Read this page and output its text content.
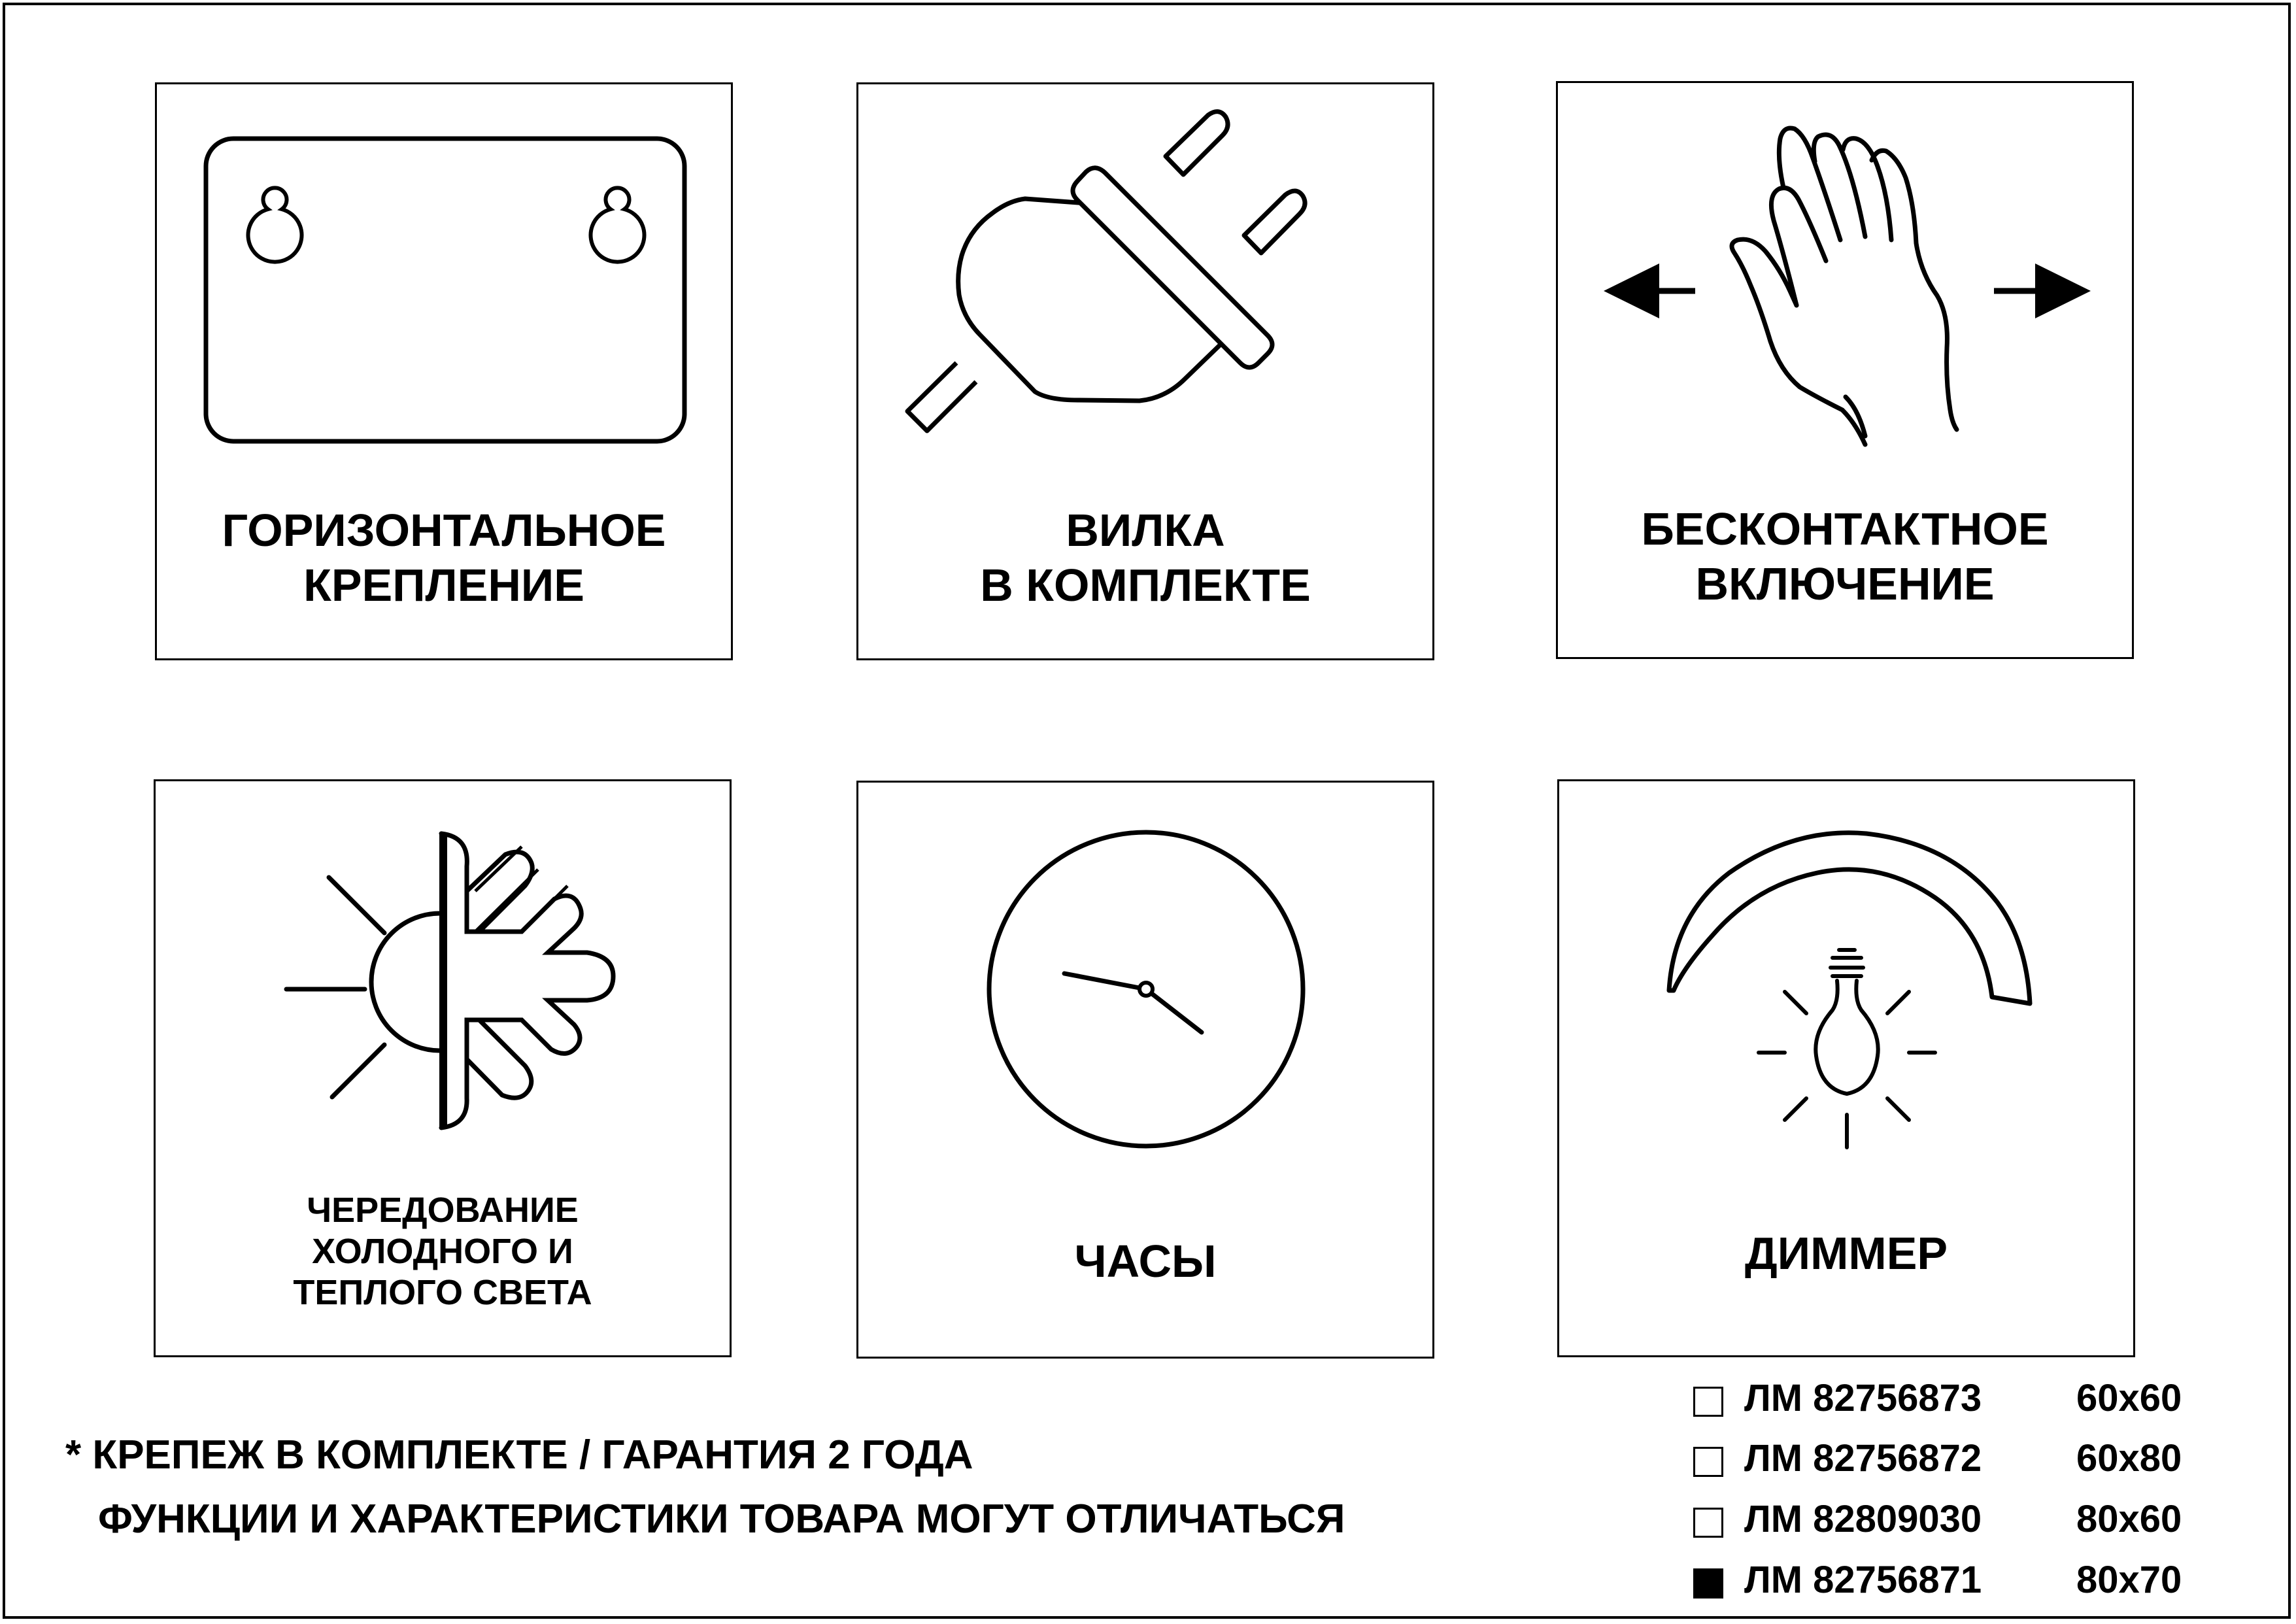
ГОРИЗОНТАЛЬНОЕ
КРЕПЛЕНИЕ
ВИЛКА
В КОМПЛЕКТЕ
БЕСКОНТАКТНОЕ
ВКЛЮЧЕНИЕ
ЧЕРЕДОВАНИЕ
ХОЛОДНОГО И
ТЕПЛОГО СВЕТА
ЧАСЫ	ДИММЕР
* КРЕПЕЖ В КОМПЛЕКТЕ / ГАРАНТИЯ 2 ГОДА
ФУНКЦИИ И ХАРАКТЕРИСТИКИ ТОВАРА МОГУТ ОТЛИЧАТЬСЯ
ЛМ 82756873 60x60
ЛМ 82756872 60x80
ЛМ 82809030 80x60
ЛМ 82756871 80x70
